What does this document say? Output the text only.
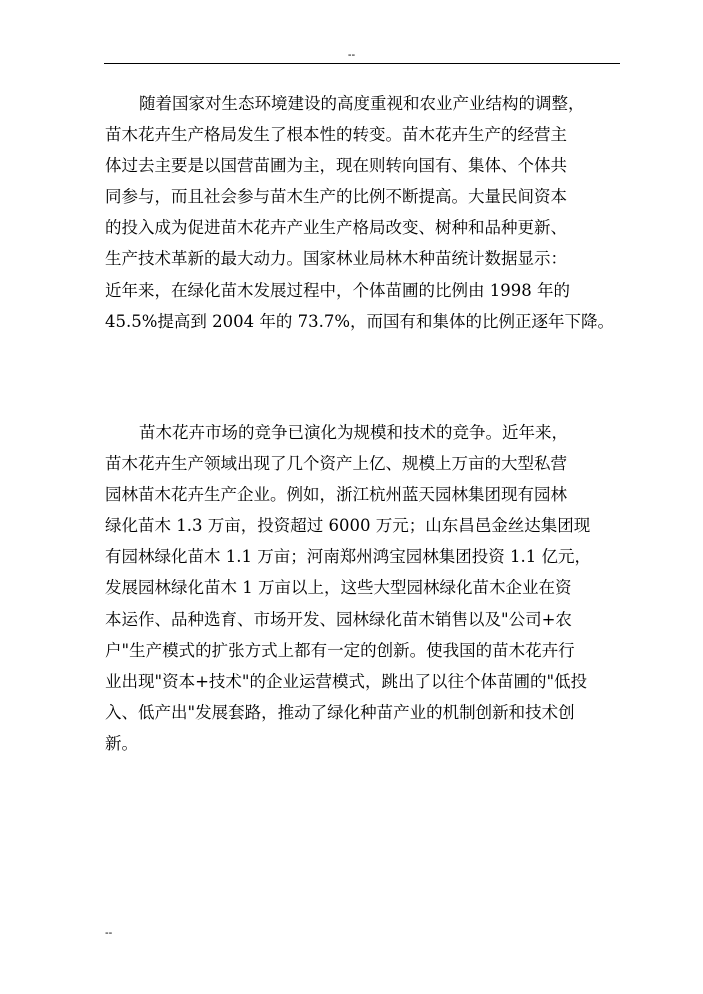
--
随着国家对生态环境建设的高度重视和农业产业结构的调整，
苗木花卉生产格局发生了根本性的转变。苗木花卉生产的经营主
体过去主要是以国营苗圃为主，现在则转向国有、集体、个体共
同参与，而且社会参与苗木生产的比例不断提高。大量民间资本
的投入成为促进苗木花卉产业生产格局改变、树种和品种更新、
生产技术革新的最大动力。国家林业局林木种苗统计数据显示：
近年来，在绿化苗木发展过程中，个体苗圃的比例由 1998 年的
45.5%提高到 2004 年的 73.7%，而国有和集体的比例正逐年下降。
苗木花卉市场的竞争已演化为规模和技术的竞争。近年来，
苗木花卉生产领域出现了几个资产上亿、规模上万亩的大型私营
园林苗木花卉生产企业。例如，浙江杭州蓝天园林集团现有园林
绿化苗木 1.3 万亩，投资超过 6000 万元；山东昌邑金丝达集团现
有园林绿化苗木 1.1 万亩；河南郑州鸿宝园林集团投资 1.1 亿元，
发展园林绿化苗木 1 万亩以上，这些大型园林绿化苗木企业在资
本运作、品种选育、市场开发、园林绿化苗木销售以及"公司+农
户"生产模式的扩张方式上都有一定的创新。使我国的苗木花卉行
业出现"资本+技术"的企业运营模式，跳出了以往个体苗圃的"低投
入、低产出"发展套路，推动了绿化种苗产业的机制创新和技术创
新。
--
